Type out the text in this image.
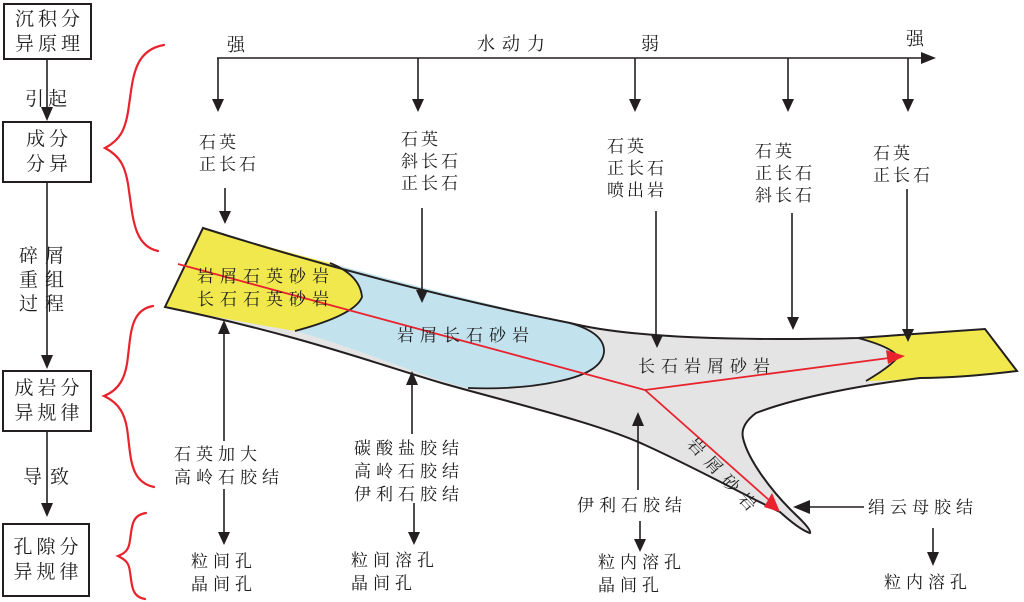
沉积分
异原理
引起
成分
分异
碎屑
重组
过程
成岩分
异规律
导致
孔隙分
异规律
强	水动力	弱	强
石英
正长石
石英
斜长石
正长石
石英
正长石
喷出岩
石英
正长石
斜长石
石英
正长石
岩屑石英砂岩
长石石英砂岩
岩屑长石砂岩
长石岩屑砂岩
岩屑砂岩
石英加大
高岭石胶结
碳酸盐胶结
高岭石胶结
伊利石胶结
伊利石胶结	绢云母胶结
粒间孔
晶间孔
粒间溶孔
晶间孔
粒内溶孔
晶间孔	粒内溶孔
